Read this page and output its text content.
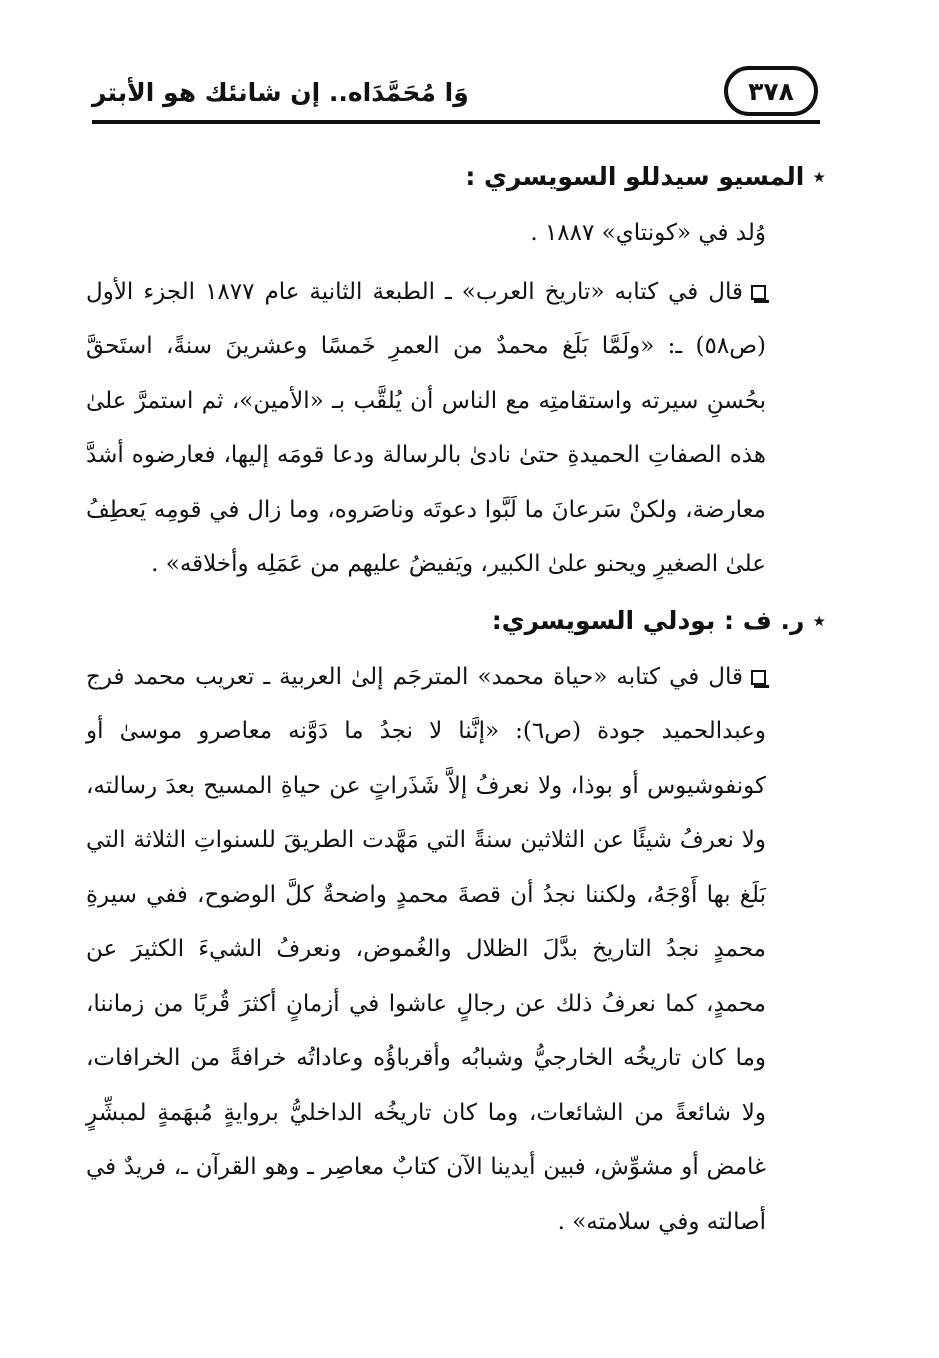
وَا مُحَمَّدَاه.. إن شانئك هو الأبتر	٣٧٨

٭المسيو سيدللو السويسري :

وُلد في «كونتاي» ١٨٨٧ .

قال في كتابه «تاريخ العرب» ـ الطبعة الثانية عام ١٨٧٧ الجزء الأول (ص٥٨) ـ: «ولَمَّا بَلَغ محمدٌ من العمرِ خَمسًا وعشرينَ سنةً، استَحقَّ بحُسنِ سيرته واستقامتِه مع الناس أن يُلقَّب بـ «الأمين»، ثم استمرَّ علىٰ هذه الصفاتِ الحميدةِ حتىٰ نادىٰ بالرسالة ودعا قومَه إليها، فعارضوه أشدَّ معارضة، ولكنْ سَرعانَ ما لَبَّوا دعوتَه وناصَروه، وما زال في قومِه يَعطِفُ علىٰ الصغيرِ ويحنو علىٰ الكبير، ويَفيضُ عليهم من عَمَلِه وأخلاقه» .

٭ر. ف : بودلي السويسري:

قال في كتابه «حياة محمد» المترجَم إلىٰ العربية ـ تعريب محمد فرج وعبدالحميد جودة (ص٦): «إنَّنا لا نجدُ ما دَوَّنه معاصرو موسىٰ أو كونفوشيوس أو بوذا، ولا نعرفُ إلاَّ شَذَراتٍ عن حياةِ المسيح بعدَ رسالته، ولا نعرفُ شيئًا عن الثلاثين سنةً التي مَهَّدت الطريقَ للسنواتِ الثلاثة التي بَلَغ بها أَوْجَهُ، ولكننا نجدُ أن قصةَ محمدٍ واضحةٌ كلَّ الوضوح، ففي سيرةِ محمدٍ نجدُ التاريخ بدَّلَ الظلال والغُموض، ونعرفُ الشيءَ الكثيرَ عن محمدٍ، كما نعرفُ ذلك عن رجالٍ عاشوا في أزمانٍ أكثرَ قُربًا من زماننا، وما كان تاريخُه الخارجيُّ وشبابُه وأقرباؤُه وعاداتُه خرافةً من الخرافات، ولا شائعةً من الشائعات، وما كان تاريخُه الداخليُّ بروايةٍ مُبهَمةٍ لمبشِّرٍ غامض أو مشوِّش، فبين أيدينا الآن كتابٌ معاصِر ـ وهو القرآن ـ، فريدٌ في أصالته وفي سلامته» .
